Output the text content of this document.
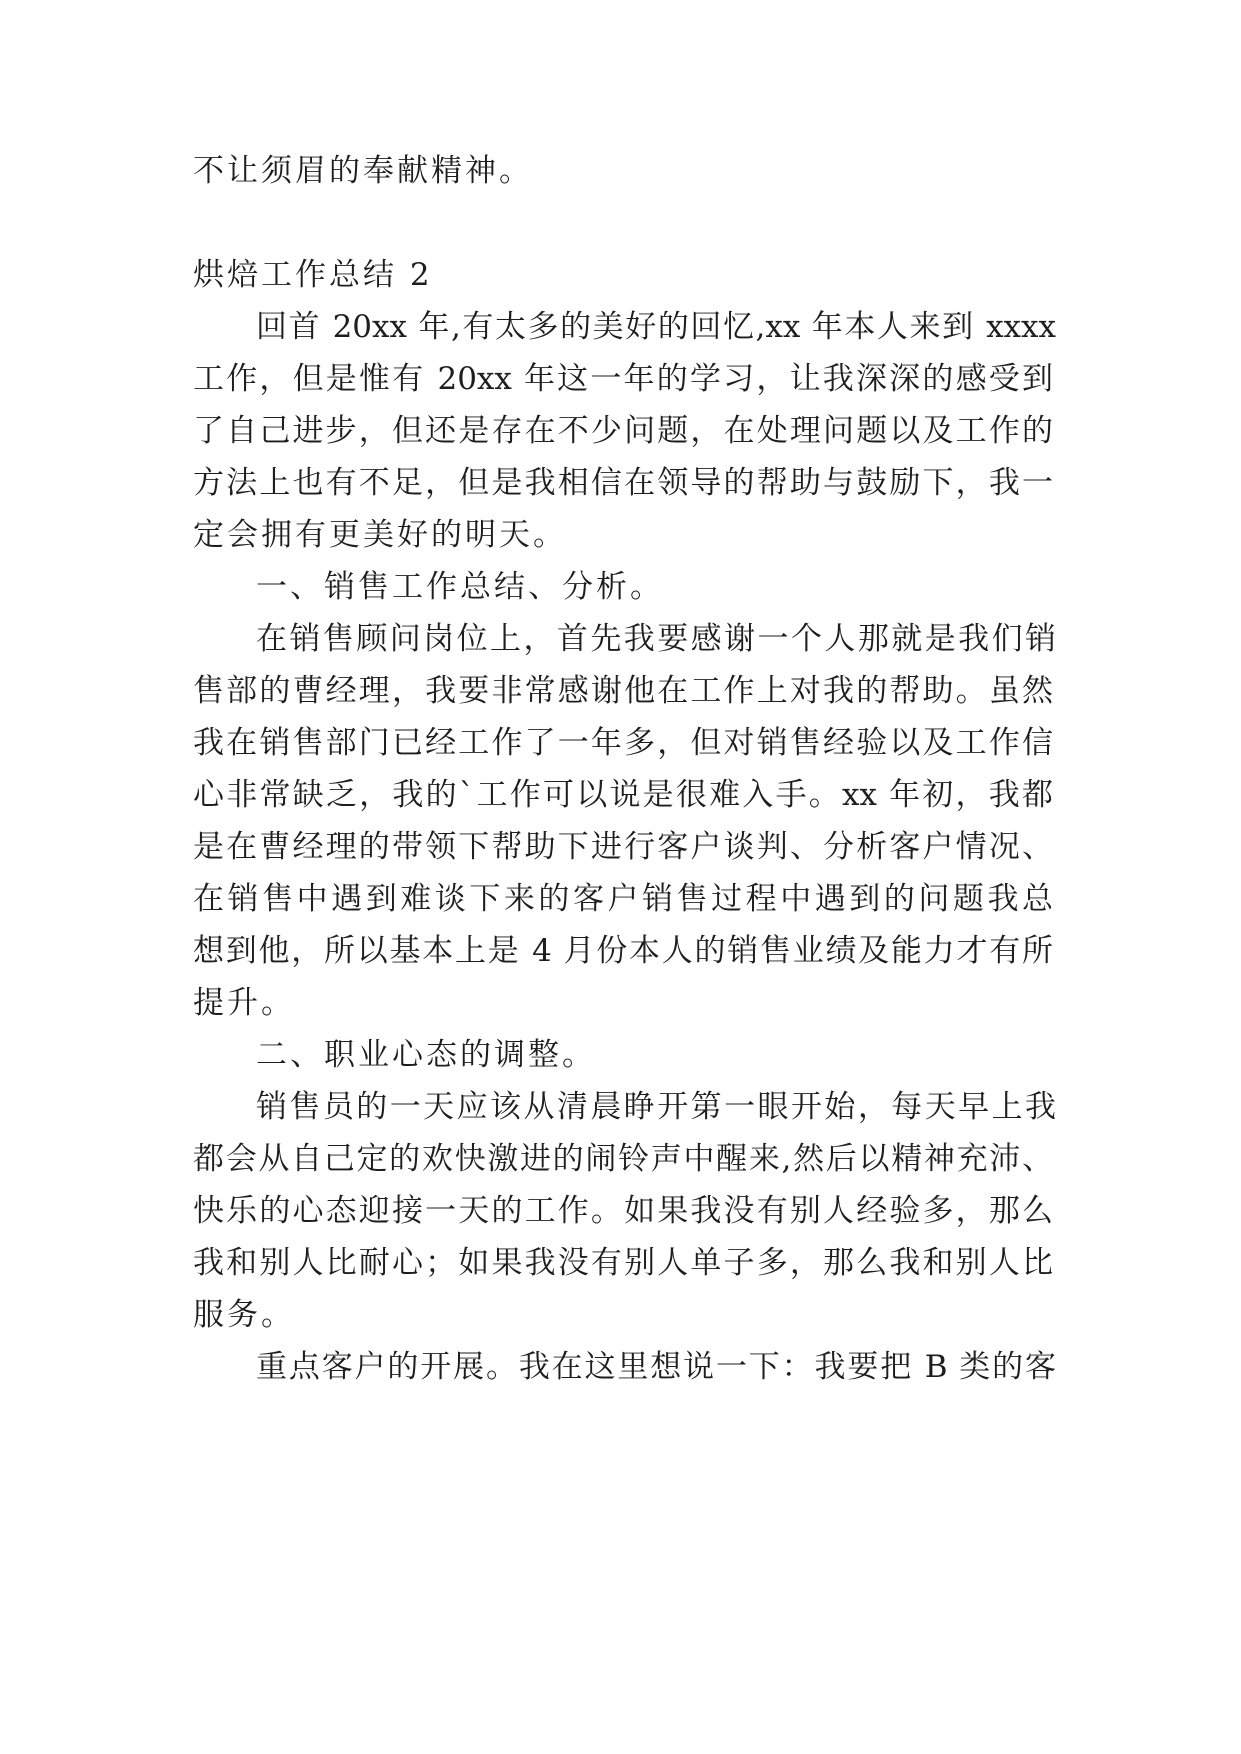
不让须眉的奉献精神。
烘焙工作总结 2
回首 20xx 年,有太多的美好的回忆,xx 年本人来到 xxxx
工作，但是惟有 20xx 年这一年的学习，让我深深的感受到
了自己进步，但还是存在不少问题，在处理问题以及工作的
方法上也有不足，但是我相信在领导的帮助与鼓励下，我一
定会拥有更美好的明天。
一、销售工作总结、分析。
在销售顾问岗位上，首先我要感谢一个人那就是我们销
售部的曹经理，我要非常感谢他在工作上对我的帮助。虽然
我在销售部门已经工作了一年多，但对销售经验以及工作信
心非常缺乏，我的`工作可以说是很难入手。xx 年初，我都
是在曹经理的带领下帮助下进行客户谈判、分析客户情况、
在销售中遇到难谈下来的客户销售过程中遇到的问题我总
想到他，所以基本上是 4 月份本人的销售业绩及能力才有所
提升。
二、职业心态的调整。
销售员的一天应该从清晨睁开第一眼开始，每天早上我
都会从自己定的欢快激进的闹铃声中醒来,然后以精神充沛、
快乐的心态迎接一天的工作。如果我没有别人经验多，那么
我和别人比耐心；如果我没有别人单子多，那么我和别人比
服务。
重点客户的开展。我在这里想说一下：我要把 B 类的客
